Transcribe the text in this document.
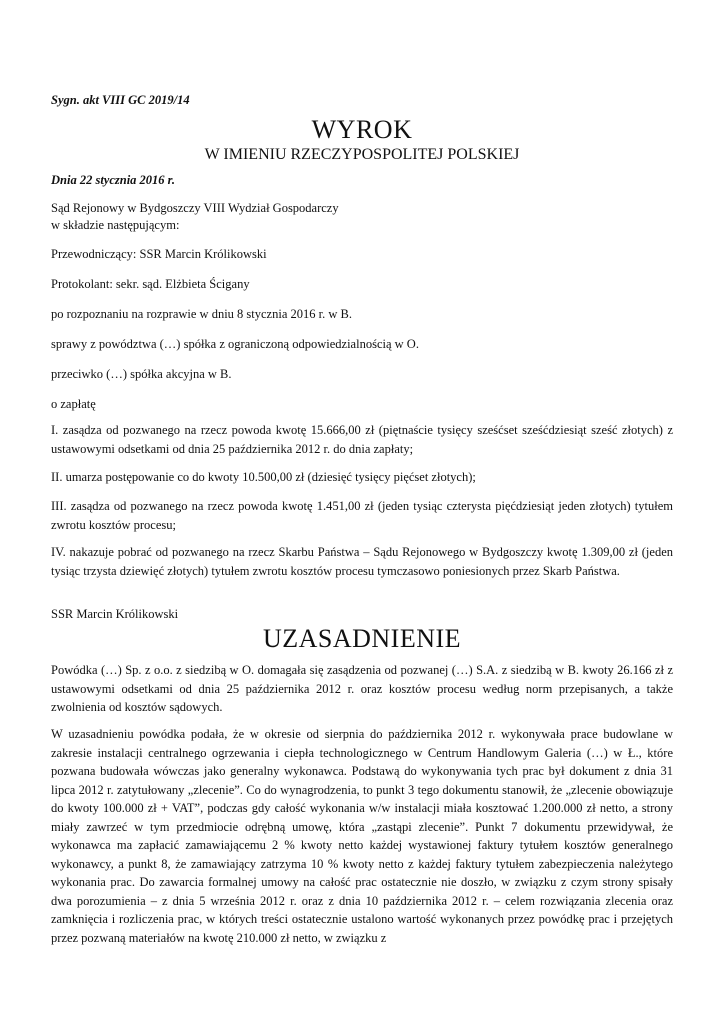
Sygn. akt VIII GC 2019/14

WYROK

W IMIENIU RZECZYPOSPOLITEJ POLSKIEJ

Dnia 22 stycznia 2016 r.

Sąd Rejonowy w Bydgoszczy VIII Wydział Gospodarczy

w składzie następującym:

Przewodniczący: SSR Marcin Królikowski

Protokolant: sekr. sąd. Elżbieta Ścigany

po rozpoznaniu na rozprawie w dniu 8 stycznia 2016 r. w B.

sprawy z powództwa (…) spółka z ograniczoną odpowiedzialnością w O.

przeciwko (…) spółka akcyjna w B.

o zapłatę

I. zasądza od pozwanego na rzecz powoda kwotę 15.666,00 zł (piętnaście tysięcy sześćset sześćdziesiąt sześć złotych) z ustawowymi odsetkami od dnia 25 października 2012 r. do dnia zapłaty;

II. umarza postępowanie co do kwoty 10.500,00 zł (dziesięć tysięcy pięćset złotych);

III. zasądza od pozwanego na rzecz powoda kwotę 1.451,00 zł (jeden tysiąc czterysta pięćdziesiąt jeden złotych) tytułem zwrotu kosztów procesu;

IV. nakazuje pobrać od pozwanego na rzecz Skarbu Państwa – Sądu Rejonowego w Bydgoszczy kwotę 1.309,00 zł (jeden tysiąc trzysta dziewięć złotych) tytułem zwrotu kosztów procesu tymczasowo poniesionych przez Skarb Państwa.

SSR Marcin Królikowski

UZASADNIENIE

Powódka (…) Sp. z o.o. z siedzibą w O. domagała się zasądzenia od pozwanej (…) S.A. z siedzibą w B. kwoty 26.166 zł z ustawowymi odsetkami od dnia 25 października 2012 r. oraz kosztów procesu według norm przepisanych, a także zwolnienia od kosztów sądowych.

W uzasadnieniu powódka podała, że w okresie od sierpnia do października 2012 r. wykonywała prace budowlane w zakresie instalacji centralnego ogrzewania i ciepła technologicznego w Centrum Handlowym Galeria (…) w Ł., które pozwana budowała wówczas jako generalny wykonawca. Podstawą do wykonywania tych prac był dokument z dnia 31 lipca 2012 r. zatytułowany „zlecenie”. Co do wynagrodzenia, to punkt 3 tego dokumentu stanowił, że „zlecenie obowiązuje do kwoty 100.000 zł + VAT”, podczas gdy całość wykonania w/w instalacji miała kosztować 1.200.000 zł netto, a strony miały zawrzeć w tym przedmiocie odrębną umowę, która „zastąpi zlecenie”. Punkt 7 dokumentu przewidywał, że wykonawca ma zapłacić zamawiającemu 2 % kwoty netto każdej wystawionej faktury tytułem kosztów generalnego wykonawcy, a punkt 8, że zamawiający zatrzyma 10 % kwoty netto z każdej faktury tytułem zabezpieczenia należytego wykonania prac. Do zawarcia formalnej umowy na całość prac ostatecznie nie doszło, w związku z czym strony spisały dwa porozumienia – z dnia 5 września 2012 r. oraz z dnia 10 października 2012 r. – celem rozwiązania zlecenia oraz zamknięcia i rozliczenia prac, w których treści ostatecznie ustalono wartość wykonanych przez powódkę prac i przejętych przez pozwaną materiałów na kwotę 210.000 zł netto, w związku z
